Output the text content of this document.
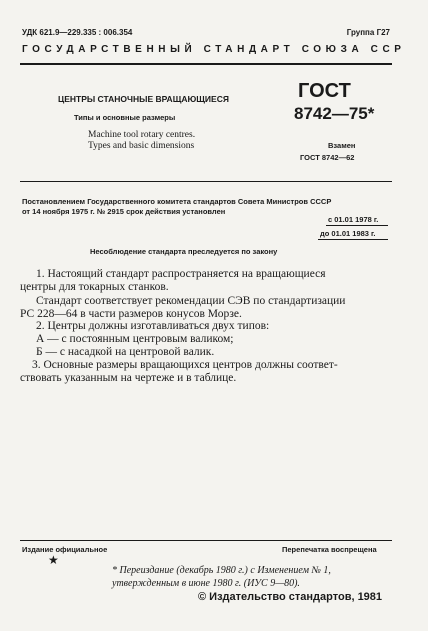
УДК 621.9—229.335 : 006.354	Группа Г27
ГОСУДАРСТВЕННЫЙ СТАНДАРТ СОЮЗА ССР
ЦЕНТРЫ СТАНОЧНЫЕ ВРАЩАЮЩИЕСЯ
Типы и основные размеры
Machine tool rotary centres.
Types and basic dimensions
ГОСТ
8742—75*
Взамен
ГОСТ 8742—62
Постановлением Государственного комитета стандартов Совета Министров СССР
от 14 ноября 1975 г. № 2915 срок действия установлен
с 01.01 1978 г.
до 01.01 1983 г.
Несоблюдение стандарта преследуется по закону
1. Настоящий стандарт распространяется на вращающиеся
центры для токарных станков.
Стандарт соответствует рекомендации СЭВ по стандартизации
РС 228—64 в части размеров конусов Морзе.
2. Центры должны изготавливаться двух типов:
А — с постоянным центровым валиком;
Б — с насадкой на центровой валик.
3. Основные размеры вращающихся центров должны соответ-
ствовать указанным на чертеже и в таблице.
Издание официальное
★
Перепечатка воспрещена
* Переиздание (декабрь 1980 г.) с Изменением № 1,
утвержденным в июне 1980 г. (ИУС 9—80).
© Издательство стандартов, 1981
